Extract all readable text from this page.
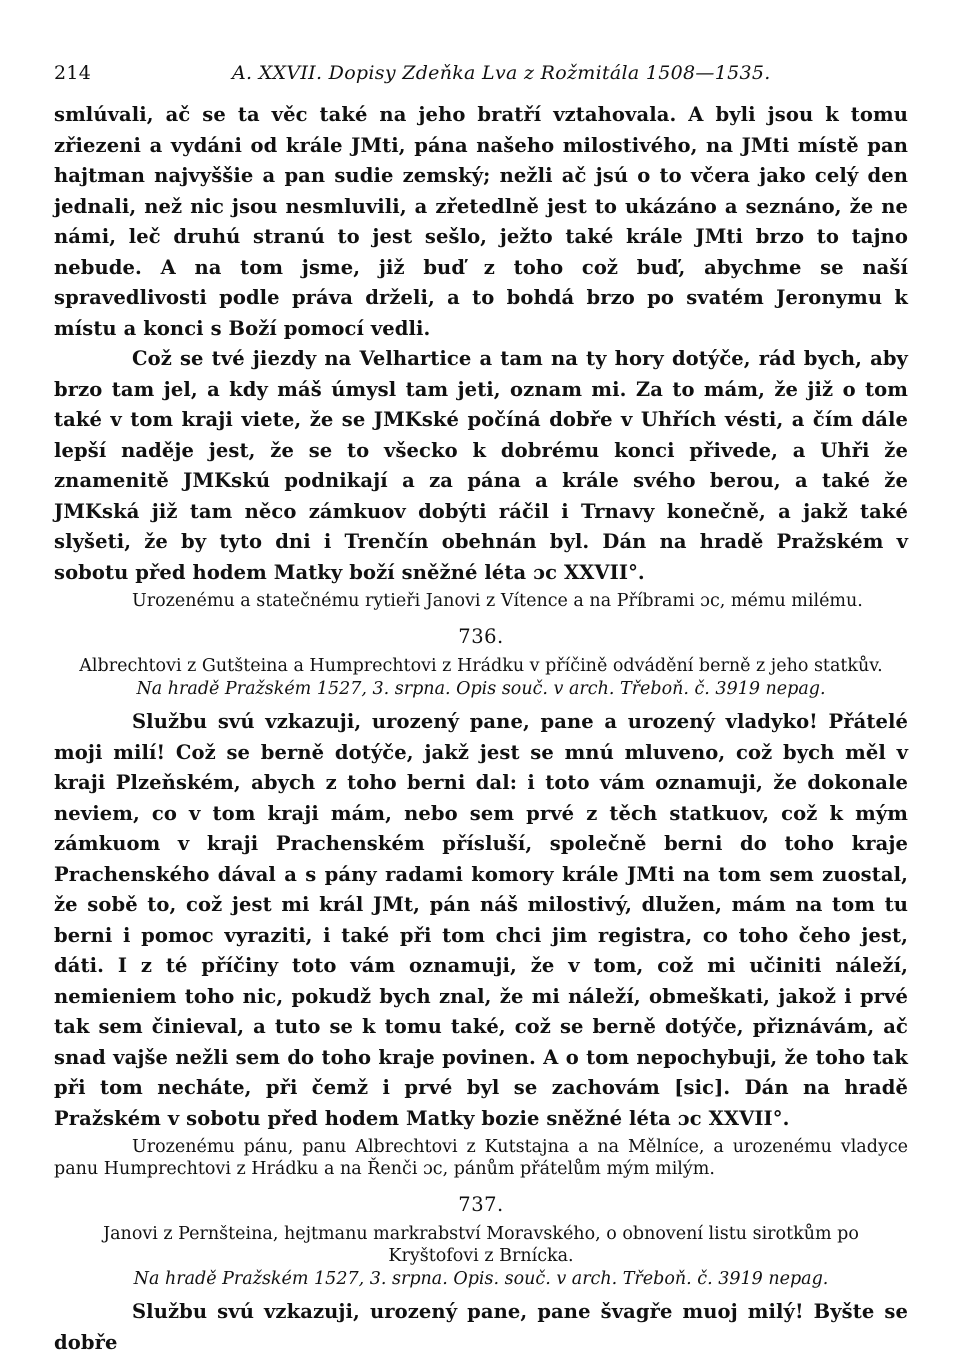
214	A. XXVII. Dopisy Zdeňka Lva z Rožmitála 1508—1535.

smlúvali, ač se ta věc také na jeho bratří vztahovala. A byli jsou k tomu zřiezeni a vydáni od krále JMti, pána našeho milostivého, na JMti místě pan hajtman najvyššie a pan sudie zemský; nežli ač jsú o to včera jako celý den jednali, než nic jsou nesmluvili, a zřetedlně jest to ukázáno a seznáno, že ne námi, leč druhú stranú to jest sešlo, ježto také krále JMti brzo to tajno nebude. A na tom jsme, již buď z toho což buď, abychme se naší spravedlivosti podle práva drželi, a to bohdá brzo po svatém Jeronymu k místu a konci s Boží pomocí vedli.

Což se tvé jiezdy na Velhartice a tam na ty hory dotýče, rád bych, aby brzo tam jel, a kdy máš úmysl tam jeti, oznam mi. Za to mám, že již o tom také v tom kraji viete, že se JMKské počíná dobře v Uhřích vésti, a čím dále lepší naděje jest, že se to všecko k dobrému konci přivede, a Uhři že znamenitě JMKskú podnikají a za pána a krále svého berou, a také že JMKská již tam něco zámkuov dobýti ráčil i Trnavy konečně, a jakž také slyšeti, že by tyto dni i Trenčín obehnán byl. Dán na hradě Pražském v sobotu před hodem Matky boží sněžné léta ɔc XXVII°.

Urozenému a statečnému rytieři Janovi z Vítence a na Příbrami ɔc, mému milému.

736.

Albrechtovi z Gutšteina a Humprechtovi z Hrádku v příčině odvádění berně z jeho statkův.

Na hradě Pražském 1527, 3. srpna. Opis souč. v arch. Třeboň. č. 3919 nepag.

Službu svú vzkazuji, urozený pane, pane a urozený vladyko! Přátelé moji milí! Což se berně dotýče, jakž jest se mnú mluveno, což bych měl v kraji Plzeňském, abych z toho berni dal: i toto vám oznamuji, že dokonale neviem, co v tom kraji mám, nebo sem prvé z těch statkuov, což k mým zámkuom v kraji Prachenském přísluší, společně berni do toho kraje Prachenského dával a s pány radami komory krále JMti na tom sem zuostal, že sobě to, což jest mi král JMt, pán náš milostivý, dlužen, mám na tom tu berni i pomoc vyraziti, i také při tom chci jim registra, co toho čeho jest, dáti. I z té příčiny toto vám oznamuji, že v tom, což mi učiniti náleží, nemieniem toho nic, pokudž bych znal, že mi náleží, obmeškati, jakož i prvé tak sem činieval, a tuto se k tomu také, což se berně dotýče, přiznávám, ač snad vajše nežli sem do toho kraje povinen. A o tom nepochybuji, že toho tak při tom necháte, při čemž i prvé byl se zachovám [sic]. Dán na hradě Pražském v sobotu před hodem Matky bozie sněžné léta ɔc XXVII°.

Urozenému pánu, panu Albrechtovi z Kutstajna a na Mělníce, a urozenému vladyce panu Humprechtovi z Hrádku a na Řenči ɔc, pánům přátelům mým milým.

737.

Janovi z Pernšteina, hejtmanu markrabství Moravského, o obnovení listu sirotkům po Kryštofovi z Brnícka.

Na hradě Pražském 1527, 3. srpna. Opis. souč. v arch. Třeboň. č. 3919 nepag.

Službu svú vzkazuji, urozený pane, pane švagře muoj milý! Byšte se dobře
